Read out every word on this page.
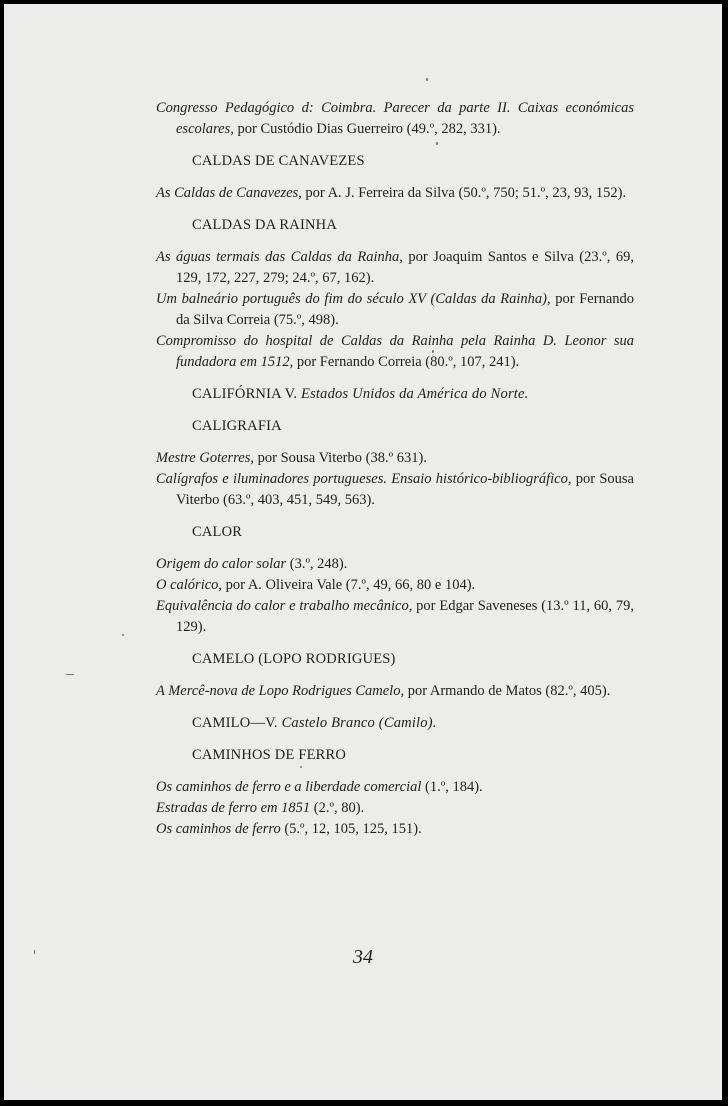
Congresso Pedagógico d: Coimbra. Parecer da parte II. Caixas económicas escolares, por Custódio Dias Guerreiro (49.º, 282, 331).

CALDAS DE CANAVEZES

As Caldas de Canavezes, por A. J. Ferreira da Silva (50.º, 750; 51.º, 23, 93, 152).

CALDAS DA RAINHA

As águas termais das Caldas da Rainha, por Joaquim Santos e Silva (23.º, 69, 129, 172, 227, 279; 24.º, 67, 162).

Um balneário português do fim do século XV (Caldas da Rainha), por Fernando da Silva Correia (75.º, 498).

Compromisso do hospital de Caldas da Rainha pela Rainha D. Leonor sua fundadora em 1512, por Fernando Correia (80.º, 107, 241).

CALIFÓRNIA V. Estados Unidos da América do Norte.
CALIGRAFIA

Mestre Goterres, por Sousa Viterbo (38.º 631).

Calígrafos e iluminadores portugueses. Ensaio histórico-bibliográfico, por Sousa Viterbo (63.º, 403, 451, 549, 563).

CALOR

Origem do calor solar (3.º, 248).

O calórico, por A. Oliveira Vale (7.º, 49, 66, 80 e 104).

Equivalência do calor e trabalho mecânico, por Edgar Saveneses (13.º 11, 60, 79, 129).

CAMELO (LOPO RODRIGUES)

A Mercê-nova de Lopo Rodrigues Camelo, por Armando de Matos (82.º, 405).

CAMILO—V. Castelo Branco (Camilo).
CAMINHOS DE FERRO

Os caminhos de ferro e a liberdade comercial (1.º, 184).

Estradas de ferro em 1851 (2.º, 80).

Os caminhos de ferro (5.º, 12, 105, 125, 151).

34
